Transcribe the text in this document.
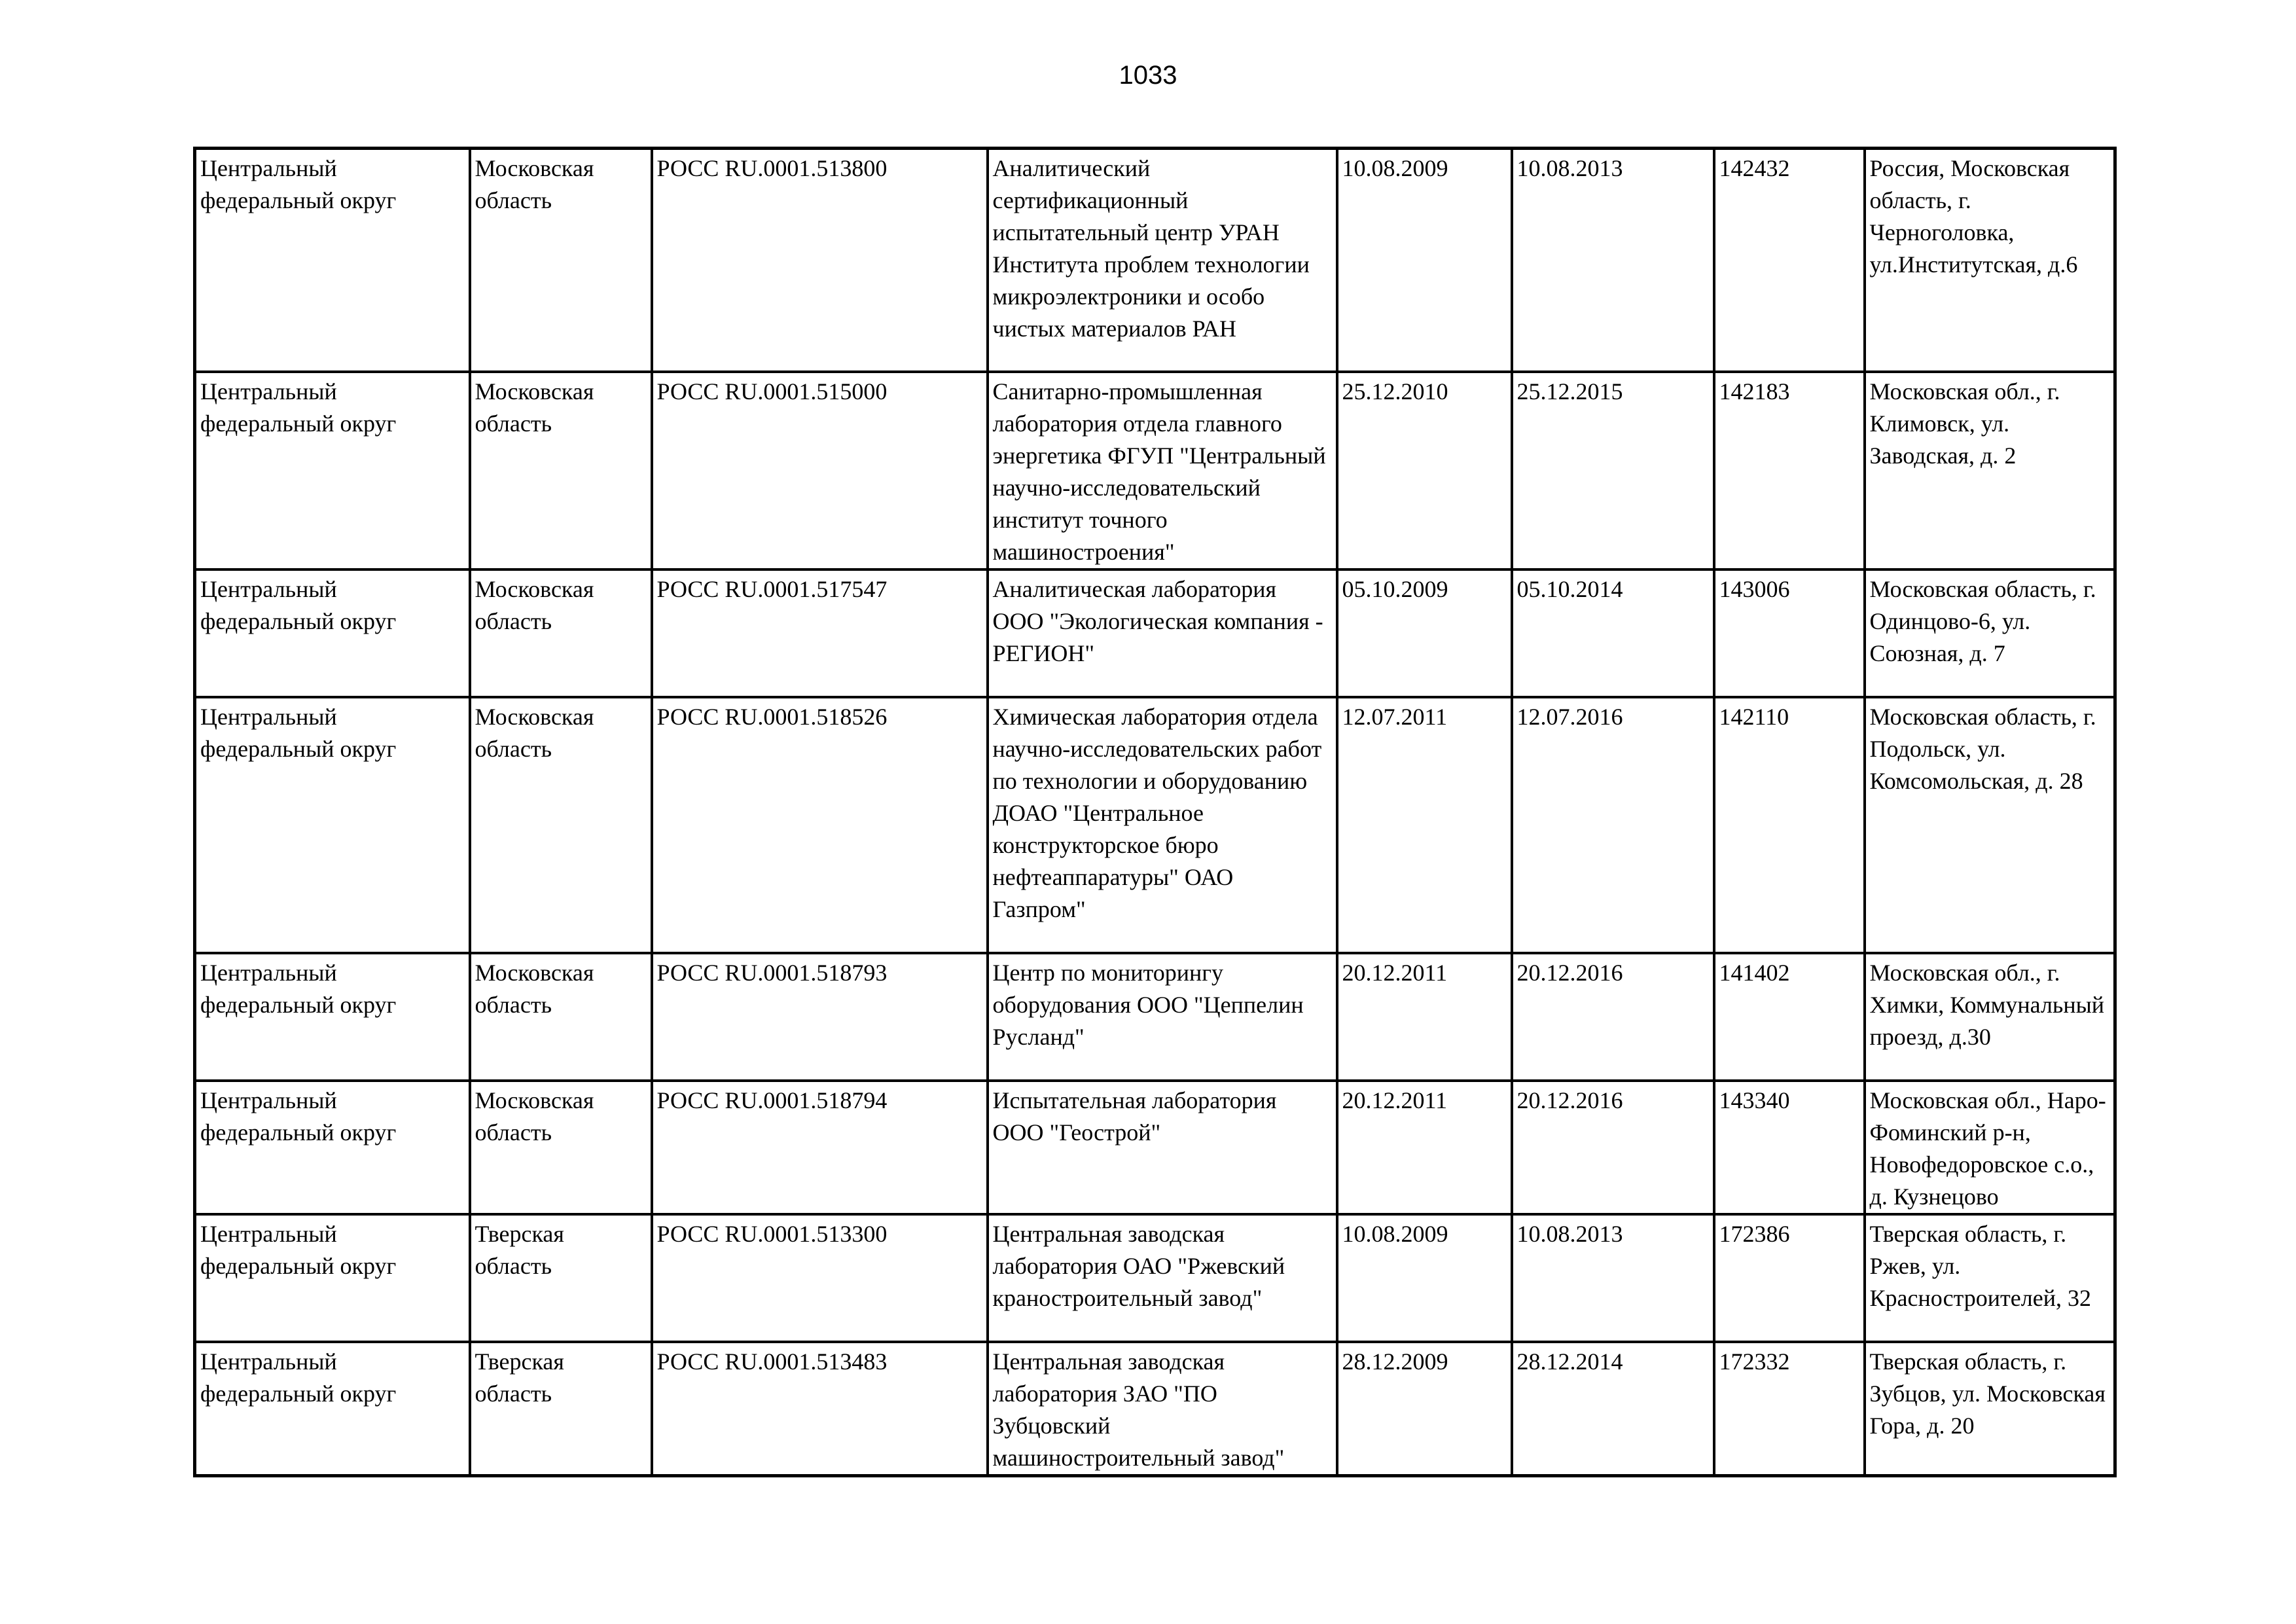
1033
Центральный федеральный округ	Московская область	РОСС RU.0001.513800	Аналитический сертификационный испытательный центр УРАН Института проблем технологии микроэлектроники и особо чистых материалов РАН	10.08.2009	10.08.2013	142432	Россия, Московская область, г. Черноголовка, ул.Институтская, д.6
Центральный федеральный округ	Московская область	РОСС RU.0001.515000	Санитарно-промышленная лаборатория отдела главного энергетика ФГУП "Центральный научно-исследовательский институт точного машиностроения"	25.12.2010	25.12.2015	142183	Московская обл., г. Климовск, ул. Заводская, д. 2
Центральный федеральный округ	Московская область	РОСС RU.0001.517547	Аналитическая лаборатория ООО "Экологическая компания - РЕГИОН"	05.10.2009	05.10.2014	143006	Московская область, г. Одинцово-6, ул. Союзная, д. 7
Центральный федеральный округ	Московская область	РОСС RU.0001.518526	Химическая лаборатория отдела научно-исследовательских работ по технологии и оборудованию ДОАО "Центральное конструкторское бюро нефтеаппаратуры" ОАО Газпром"	12.07.2011	12.07.2016	142110	Московская область, г. Подольск, ул. Комсомольская, д. 28
Центральный федеральный округ	Московская область	РОСС RU.0001.518793	Центр по мониторингу оборудования ООО "Цеппелин Русланд"	20.12.2011	20.12.2016	141402	Московская обл., г. Химки, Коммунальный проезд, д.30
Центральный федеральный округ	Московская область	РОСС RU.0001.518794	Испытательная лаборатория ООО "Геострой"	20.12.2011	20.12.2016	143340	Московская обл., Наро-Фоминский р-н, Новофедоровское с.о., д. Кузнецово
Центральный федеральный округ	Тверская область	РОСС RU.0001.513300	Центральная заводская лаборатория ОАО "Ржевский краностроительный завод"	10.08.2009	10.08.2013	172386	Тверская область, г. Ржев, ул. Красностроителей, 32
Центральный федеральный округ	Тверская область	РОСС RU.0001.513483	Центральная заводская лаборатория ЗАО "ПО Зубцовский машиностроительный завод"	28.12.2009	28.12.2014	172332	Тверская область, г. Зубцов, ул. Московская Гора, д. 20
